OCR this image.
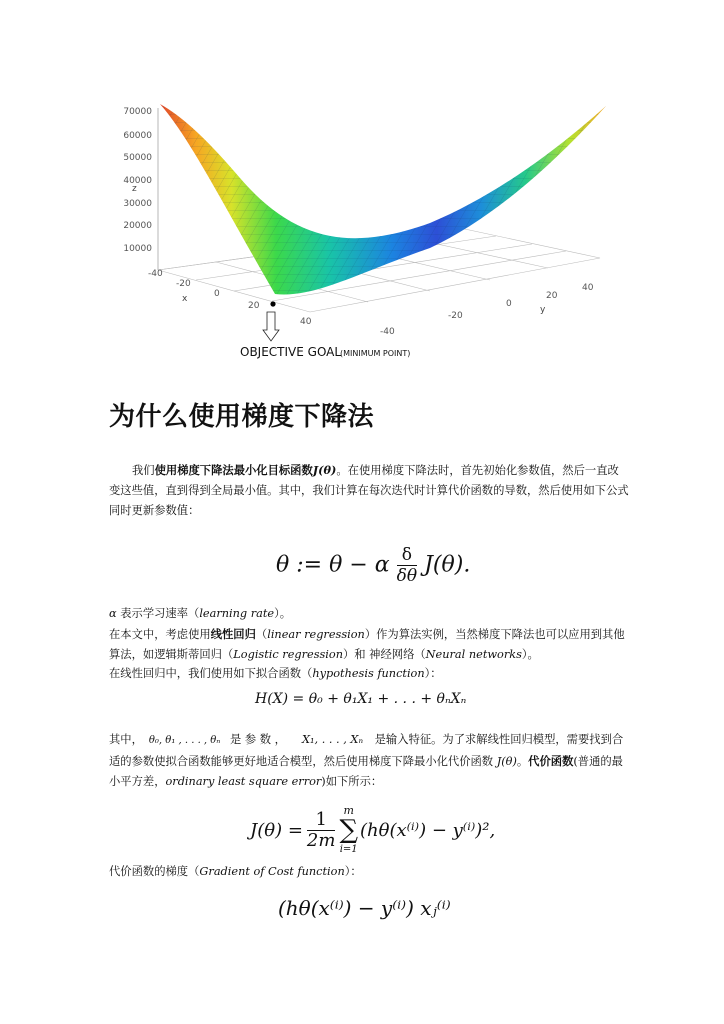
70000
60000
50000
40000
30000
20000
10000
z
-40
-20
0
20
40
x
40
20
0
-20
-40
y
OBJECTIVE GOAL
(MINIMUM POINT)
为什么使用梯度下降法
我们使用梯度下降法最小化目标函数J(θ)。在使用梯度下降法时，首先初始化参数值，然后一直改变这些值，直到得到全局最小值。其中，我们计算在每次迭代时计算代价函数的导数，然后使用如下公式同时更新参数值：
θ := θ − α $\frac{\delta}{\delta\theta} J(\theta)$.
α 表示学习速率（learning rate）。
在本文中，考虑使用线性回归（linear regression）作为算法实例，当然梯度下降法也可以应用到其他算法，如逻辑斯蒂回归（Logistic regression）和 神经网络（Neural networks）。
在线性回归中，我们使用如下拟合函数（hypothesis function）：
H(X) = θ₀ + θ₁X₁ + . . . + θₙXₙ
其中， θ₀, θ₁ , . . . , θₙ 是 参 数 ， X₁, . . . , Xₙ 是输入特征。为了求解线性回归模型，需要找到合适的参数使拟合函数能够更好地适合模型，然后使用梯度下降最小化代价函数 J(θ)。代价函数(普通的最小平方差，ordinary least square error)如下所示：
$J(\theta) = \frac{1}{2m}$ m
∑
i=1
(hθ(x⁽ⁱ⁾) − y⁽ⁱ⁾)²,
代价函数的梯度（Gradient of Cost function）：
(hθ(x⁽ⁱ⁾) − y⁽ⁱ⁾) xⱼ⁽ⁱ⁾
